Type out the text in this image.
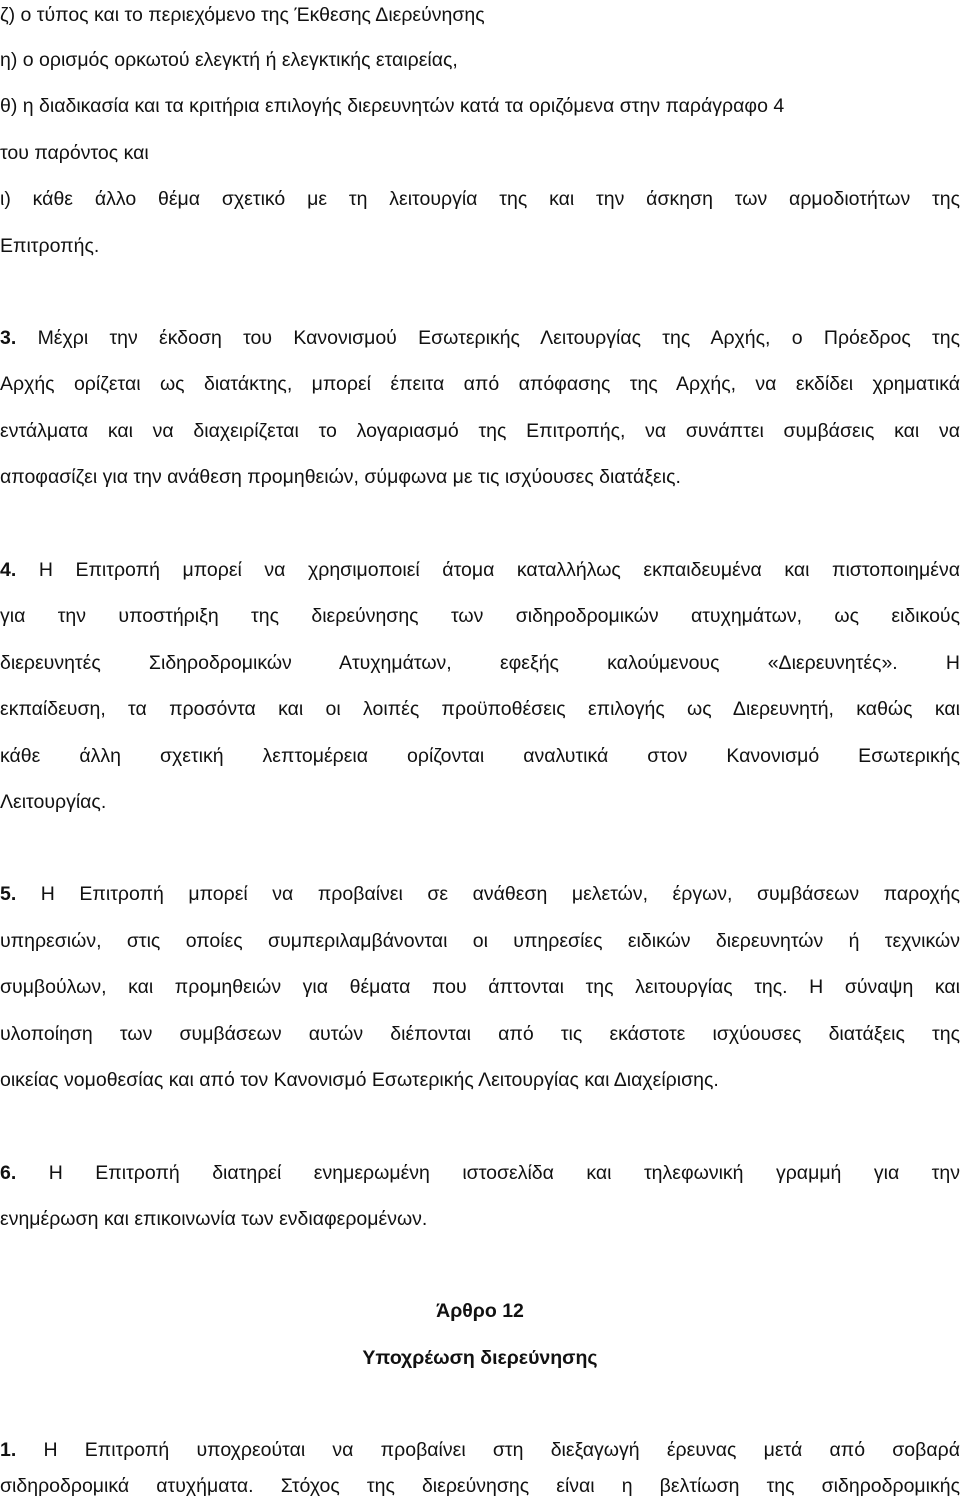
ζ) ο τύπος και το περιεχόμενο της Έκθεσης Διερεύνησης
η) ο ορισμός ορκωτού ελεγκτή ή ελεγκτικής εταιρείας,
θ) η διαδικασία και τα κριτήρια επιλογής διερευνητών κατά τα οριζόμενα στην παράγραφο 4
του παρόντος και
ι) κάθε άλλο θέμα σχετικό με τη λειτουργία της και την άσκηση των αρμοδιοτήτων της
Επιτροπής.
3. Μέχρι την έκδοση του Κανονισμού Εσωτερικής Λειτουργίας της Αρχής, ο Πρόεδρος της
Αρχής ορίζεται ως διατάκτης, μπορεί έπειτα από απόφασης της Αρχής, να εκδίδει χρηματικά
εντάλματα και να διαχειρίζεται το λογαριασμό της Επιτροπής, να συνάπτει συμβάσεις και να
αποφασίζει για την ανάθεση προμηθειών, σύμφωνα με τις ισχύουσες διατάξεις.
4. Η Επιτροπή μπορεί να χρησιμοποιεί άτομα καταλλήλως εκπαιδευμένα και πιστοποιημένα
για την υποστήριξη της διερεύνησης των σιδηροδρομικών ατυχημάτων, ως ειδικούς
διερευνητές Σιδηροδρομικών Ατυχημάτων, εφεξής καλούμενους «Διερευνητές». Η
εκπαίδευση, τα προσόντα και οι λοιπές προϋποθέσεις επιλογής ως Διερευνητή, καθώς και
κάθε άλλη σχετική λεπτομέρεια ορίζονται αναλυτικά στον Κανονισμό Εσωτερικής
Λειτουργίας.
5. Η Επιτροπή μπορεί να προβαίνει σε ανάθεση μελετών, έργων, συμβάσεων παροχής
υπηρεσιών, στις οποίες συμπεριλαμβάνονται οι υπηρεσίες ειδικών διερευνητών ή τεχνικών
συμβούλων, και προμηθειών για θέματα που άπτονται της λειτουργίας της. Η σύναψη και
υλοποίηση των συμβάσεων αυτών διέπονται από τις εκάστοτε ισχύουσες διατάξεις της
οικείας νομοθεσίας και από τον Κανονισμό Εσωτερικής Λειτουργίας και Διαχείρισης.
6. Η Επιτροπή διατηρεί ενημερωμένη ιστοσελίδα και τηλεφωνική γραμμή για την
ενημέρωση και επικοινωνία των ενδιαφερομένων.
Άρθρο 12
Υποχρέωση διερεύνησης
1. Η Επιτροπή υποχρεούται να προβαίνει στη διεξαγωγή έρευνας μετά από σοβαρά
σιδηροδρομικά ατυχήματα. Στόχος της διερεύνησης είναι η βελτίωση της σιδηροδρομικής
